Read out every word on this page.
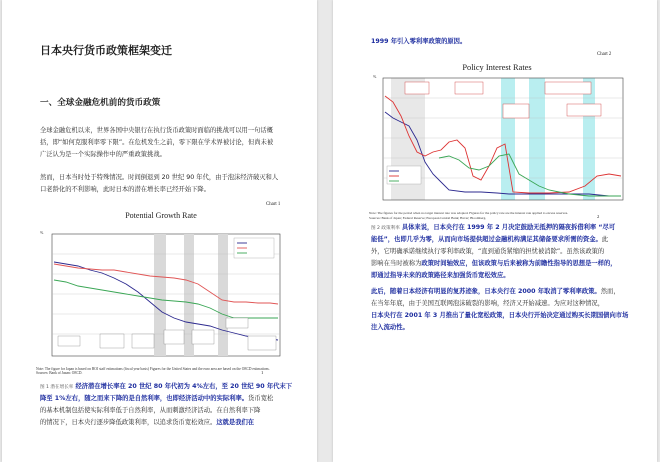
日本央行货币政策框架变迁

一、全球金融危机前的货币政策

全球金融危机以来，世界各国中央银行在执行货币政策时面临的挑战可以用一句话概

括，即“如何克服利率零下限”。在危机发生之前，零下限在学术界被讨论，但尚未被

广泛认为是一个实际操作中的严重政策挑战。

然而，日本当时处于特殊情况。时间倒退到 20 世纪 90 年代，由于泡沫经济破灭和人

口老龄化的不利影响，此时日本的潜在增长率已经开始下降。

Chart 1

Potential Growth Rate
%
Note: The figure for Japan is based on BOJ staff estimations (fiscal year basis) Figures for the United States and the euro area are based on the OECD estimations.
Sources: Bank of Japan; OECD.	1

图 1 潜在增长率 经济潜在增长率在 20 世纪 80 年代初为 4%左右，至 20 世纪 90 年代末下

降至 1%左右，随之而来下降的是自然利率，也即经济活动中的实际利率。货币宽松

的基本机制包括使实际利率低于自然利率，从而刺激经济活动。在自然利率下降

的情况下，日本央行逐步降低政策利率，以追求货币宽松效应。这就是我们在

1999 年引入零利率政策的原因。

Chart 2

Policy Interest Rates
%
Note: The figures for the period when no target interest rate was adopted. Figures for the policy rate are the interest rate applied to excess reserves.
Sources: Bank of Japan; Federal Reserve; European Central Bank; Haver; Bloomberg.	2

图 2 政策利率 具体来说，日本央行在 1999 年 2 月决定鼓励无抵押的隔夜拆借利率 “尽可

能低”，也即几乎为零，从而向市场提供超过金融机构满足其储备要求所需的资金。此

外，它明确承诺继续执行零利率政策，“直到通货紧缩的担忧被消除”。虽然该政策的

影响在当时被称为政策时间轴效应，但该政策与后来被称为前瞻性指导的思想是一样的，

即通过指导未来的政策路径来加强货币宽松效应。

此后，随着日本经济有明显的复苏迹象，日本央行在 2000 年取消了零利率政策。然而，

在当年年底，由于美国互联网泡沫破裂的影响，经济又开始减速。为应对这种情况，

日本央行在 2001 年 3 月推出了量化宽松政策，日本央行开始决定通过购买长期国债向市场

注入流动性。
